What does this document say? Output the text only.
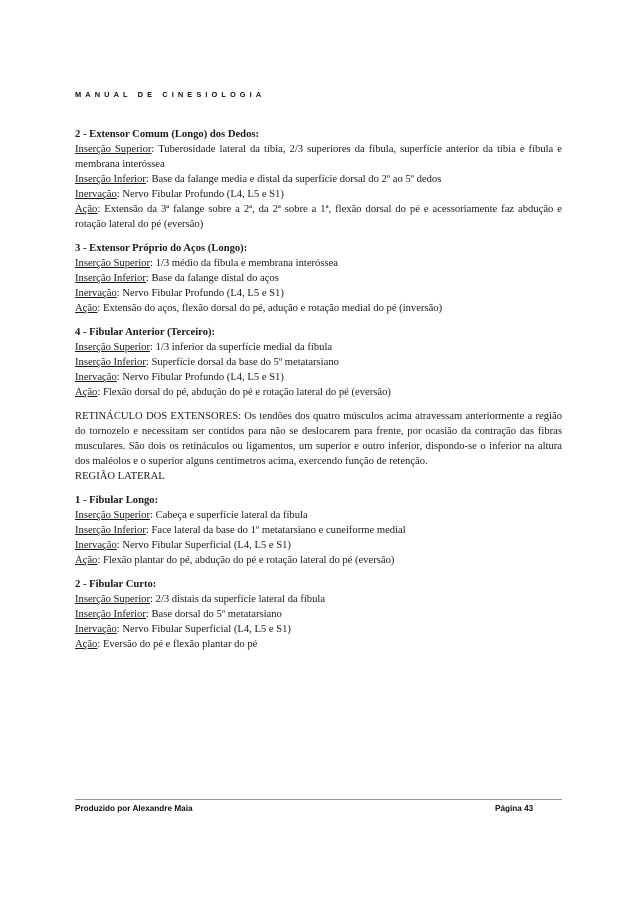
MANUAL DE CINESIOLOGIA

2 - Extensor Comum (Longo) dos Dedos:

Inserção Superior: Tuberosidade lateral da tíbia, 2/3 superiores da fíbula, superfície anterior da tíbia e fíbula e membrana interóssea

Inserção Inferior: Base da falange media e distal da superfície dorsal do 2º ao 5º dedos

Inervação: Nervo Fibular Profundo (L4, L5 e S1)

Ação: Extensão da 3ª falange sobre a 2ª, da 2ª sobre a 1ª, flexão dorsal do pé e acessoriamente faz abdução e rotação lateral do pé (eversão)

3 - Extensor Próprio do Aços (Longo):

Inserção Superior: 1/3 médio da fíbula e membrana interóssea

Inserção Inferior: Base da falange distal do aços

Inervação: Nervo Fibular Profundo (L4, L5 e S1)

Ação: Extensão do aços, flexão dorsal do pé, adução e rotação medial do pé (inversão)

4 - Fibular Anterior (Terceiro):

Inserção Superior: 1/3 inferior da superfície medial da fíbula

Inserção Inferior: Superfície dorsal da base do 5º metatarsiano

Inervação: Nervo Fibular Profundo (L4, L5 e S1)

Ação: Flexão dorsal do pé, abdução do pé e rotação lateral do pé (eversão)

RETINÁCULO DOS EXTENSORES: Os tendões dos quatro músculos acima atravessam anteriormente a região do tornozelo e necessitam ser contidos para não se deslocarem para frente, por ocasião da contração das fibras musculares. São dois os retináculos ou ligamentos, um superior e outro inferior, dispondo-se o inferior na altura dos maléolos e o superior alguns centímetros acima, exercendo função de retenção.

REGIÃO LATERAL

1 - Fibular Longo:

Inserção Superior: Cabeça e superfície lateral da fíbula

Inserção Inferior: Face lateral da base do 1º metatarsiano e cuneiforme medial

Inervação: Nervo Fibular Superficial (L4, L5 e S1)

Ação: Flexão plantar do pé, abdução do pé e rotação lateral do pé (eversão)

2 - Fibular Curto:

Inserção Superior: 2/3 distais da superfície lateral da fíbula

Inserção Inferior: Base dorsal do 5º metatarsiano

Inervação: Nervo Fibular Superficial (L4, L5 e S1)

Ação: Eversão do pé e flexão plantar do pé

Produzido por Alexandre Maia	Página 43
